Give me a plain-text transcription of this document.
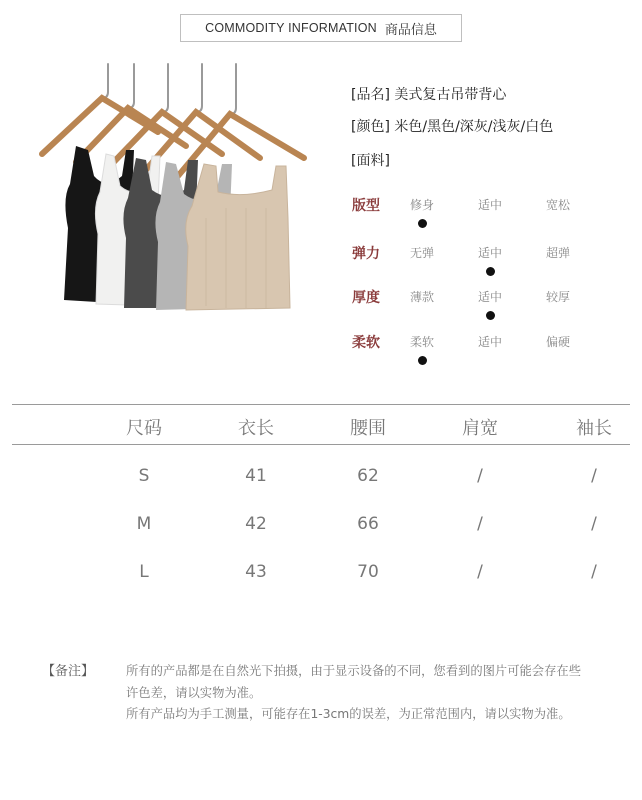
COMMODITY INFORMATION 商品信息
[品名] 美式复古吊带背心
[颜色] 米色/黑色/深灰/浅灰/白色
[面料]
版型	修身	适中	宽松
弹力	无弹	适中	超弹
厚度	薄款	适中	较厚
柔软	柔软	适中	偏硬
尺码	衣长	腰围	肩宽	袖长
S	41	62	/	/
M	42	66	/	/
L	43	70	/	/
【备注】	所有的产品都是在自然光下拍摄，由于显示设备的不同，您看到的图片可能会存在些许色差，请以实物为准。
所有产品均为手工测量，可能存在1-3cm的误差，为正常范围内，请以实物为准。
